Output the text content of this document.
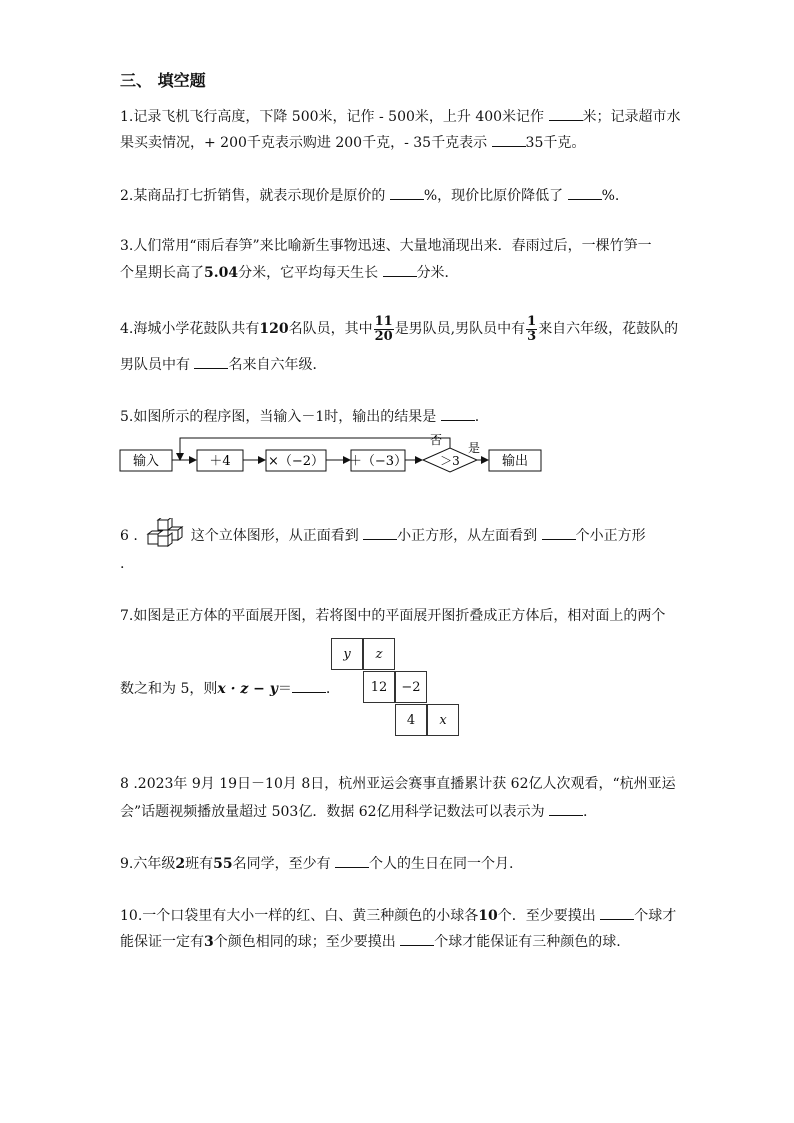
三、 填空题
1.记录飞机飞行高度，下降 500米，记作 - 500米，上升 400米记作 米；记录超市水
果买卖情况，+ 200千克表示购进 200千克，- 35千克表示 35千克。
2.某商品打七折销售，就表示现价是原价的 %，现价比原价降低了 %.
3.人们常用“雨后春笋”来比喻新生事物迅速、大量地涌现出来．春雨过后，一棵竹笋一
个星期长高了5.04分米，它平均每天生长 分米．
4.海城小学花鼓队共有120名队员，其中 $\frac{11}{20}$ 是男队员,男队员中有 $\frac{1}{3}$ 来自六年级，花鼓队的
男队员中有 名来自六年级．
5.如图所示的程序图，当输入－1时，输出的结果是 .
输入	＋4	×（−2） ＋（−3）	＞3
否
是
输出
6 .	这个立体图形，从正面看到 小正方形，从左面看到 个小正方形
.
7.如图是正方体的平面展开图，若将图中的平面展开图折叠成正方体后，相对面上的两个
数之和为 5，则x · z − y＝ .
y	z
12	−2
4	x
8 .2023年 9月 19日－10月 8日，杭州亚运会赛事直播累计获 62亿人次观看，“杭州亚运
会”话题视频播放量超过 503亿．数据 62亿用科学记数法可以表示为 .
9.六年级2班有55名同学，至少有 个人的生日在同一个月.
10.一个口袋里有大小一样的红、白、黄三种颜色的小球各10个．至少要摸出 个球才
能保证一定有3个颜色相同的球；至少要摸出 个球才能保证有三种颜色的球.
